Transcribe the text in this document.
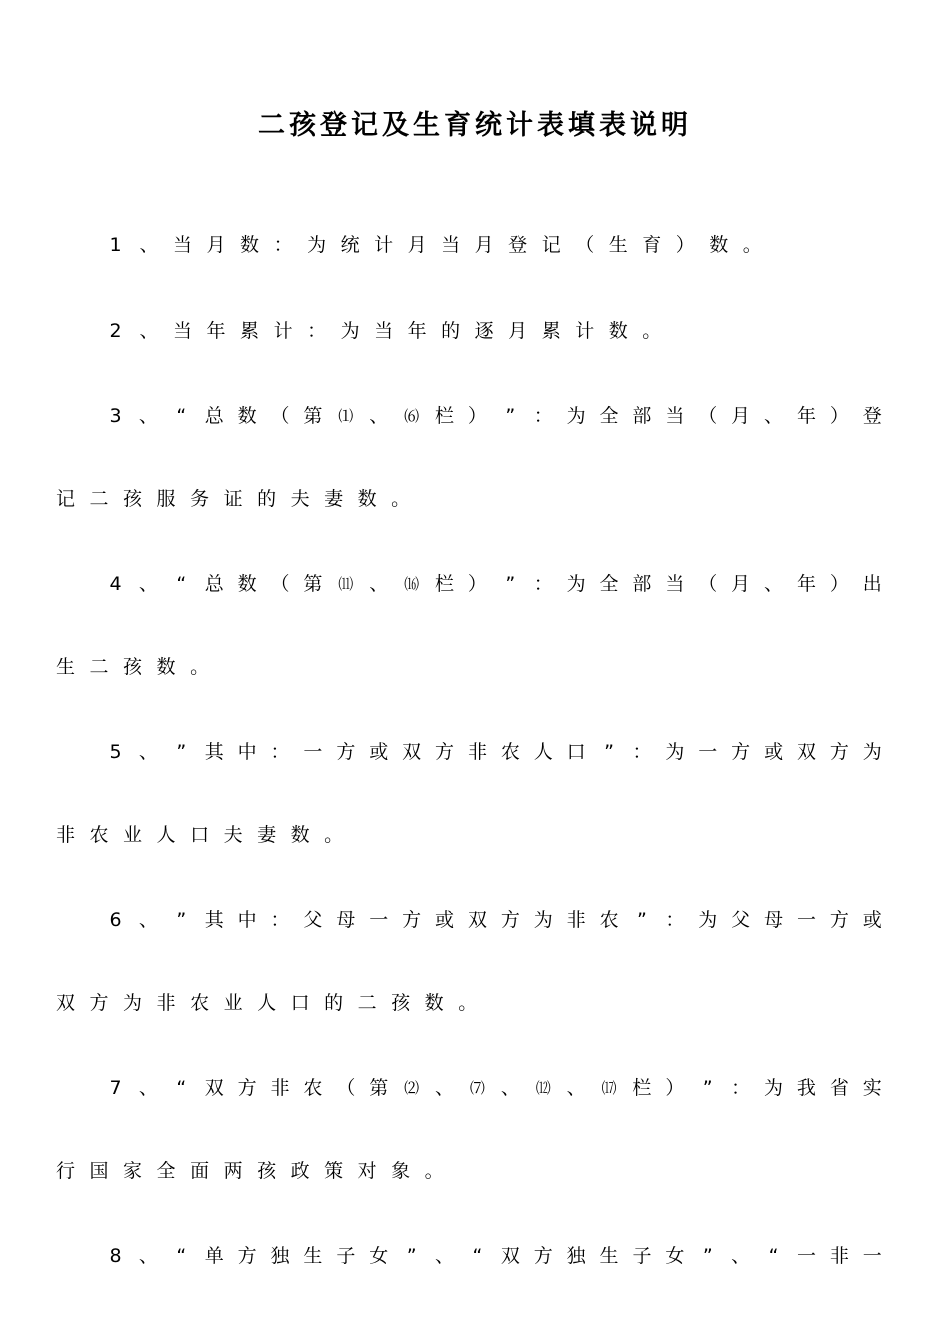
二孩登记及生育统计表填表说明
1 、 当 月 数 ： 为 统 计 月 当 月 登 记 （ 生 育 ） 数 。
2 、 当 年 累 计 ： 为 当 年 的 逐 月 累 计 数 。
3 、 “ 总 数 （ 第 ⑴ 、 ⑹ 栏 ） ” ： 为 全 部 当 （ 月 、 年 ） 登
记 二 孩 服 务 证 的 夫 妻 数 。
4 、 “ 总 数 （ 第 ⑾ 、 ⒃ 栏 ） ” ： 为 全 部 当 （ 月 、 年 ） 出
生 二 孩 数 。
5 、 ” 其 中 ： 一 方 或 双 方 非 农 人 口 ” ： 为 一 方 或 双 方 为
非 农 业 人 口 夫 妻 数 。
6 、 ” 其 中 ： 父 母 一 方 或 双 方 为 非 农 ” ： 为 父 母 一 方 或
双 方 为 非 农 业 人 口 的 二 孩 数 。
7 、 “ 双 方 非 农 （ 第 ⑵ 、 ⑺ 、 ⑿ 、 ⒄ 栏 ） ” ： 为 我 省 实
行 国 家 全 面 两 孩 政 策 对 象 。
8 、 “ 单 方 独 生 子 女 ” 、 “ 双 方 独 生 子 女 ” 、 “ 一 非 一
